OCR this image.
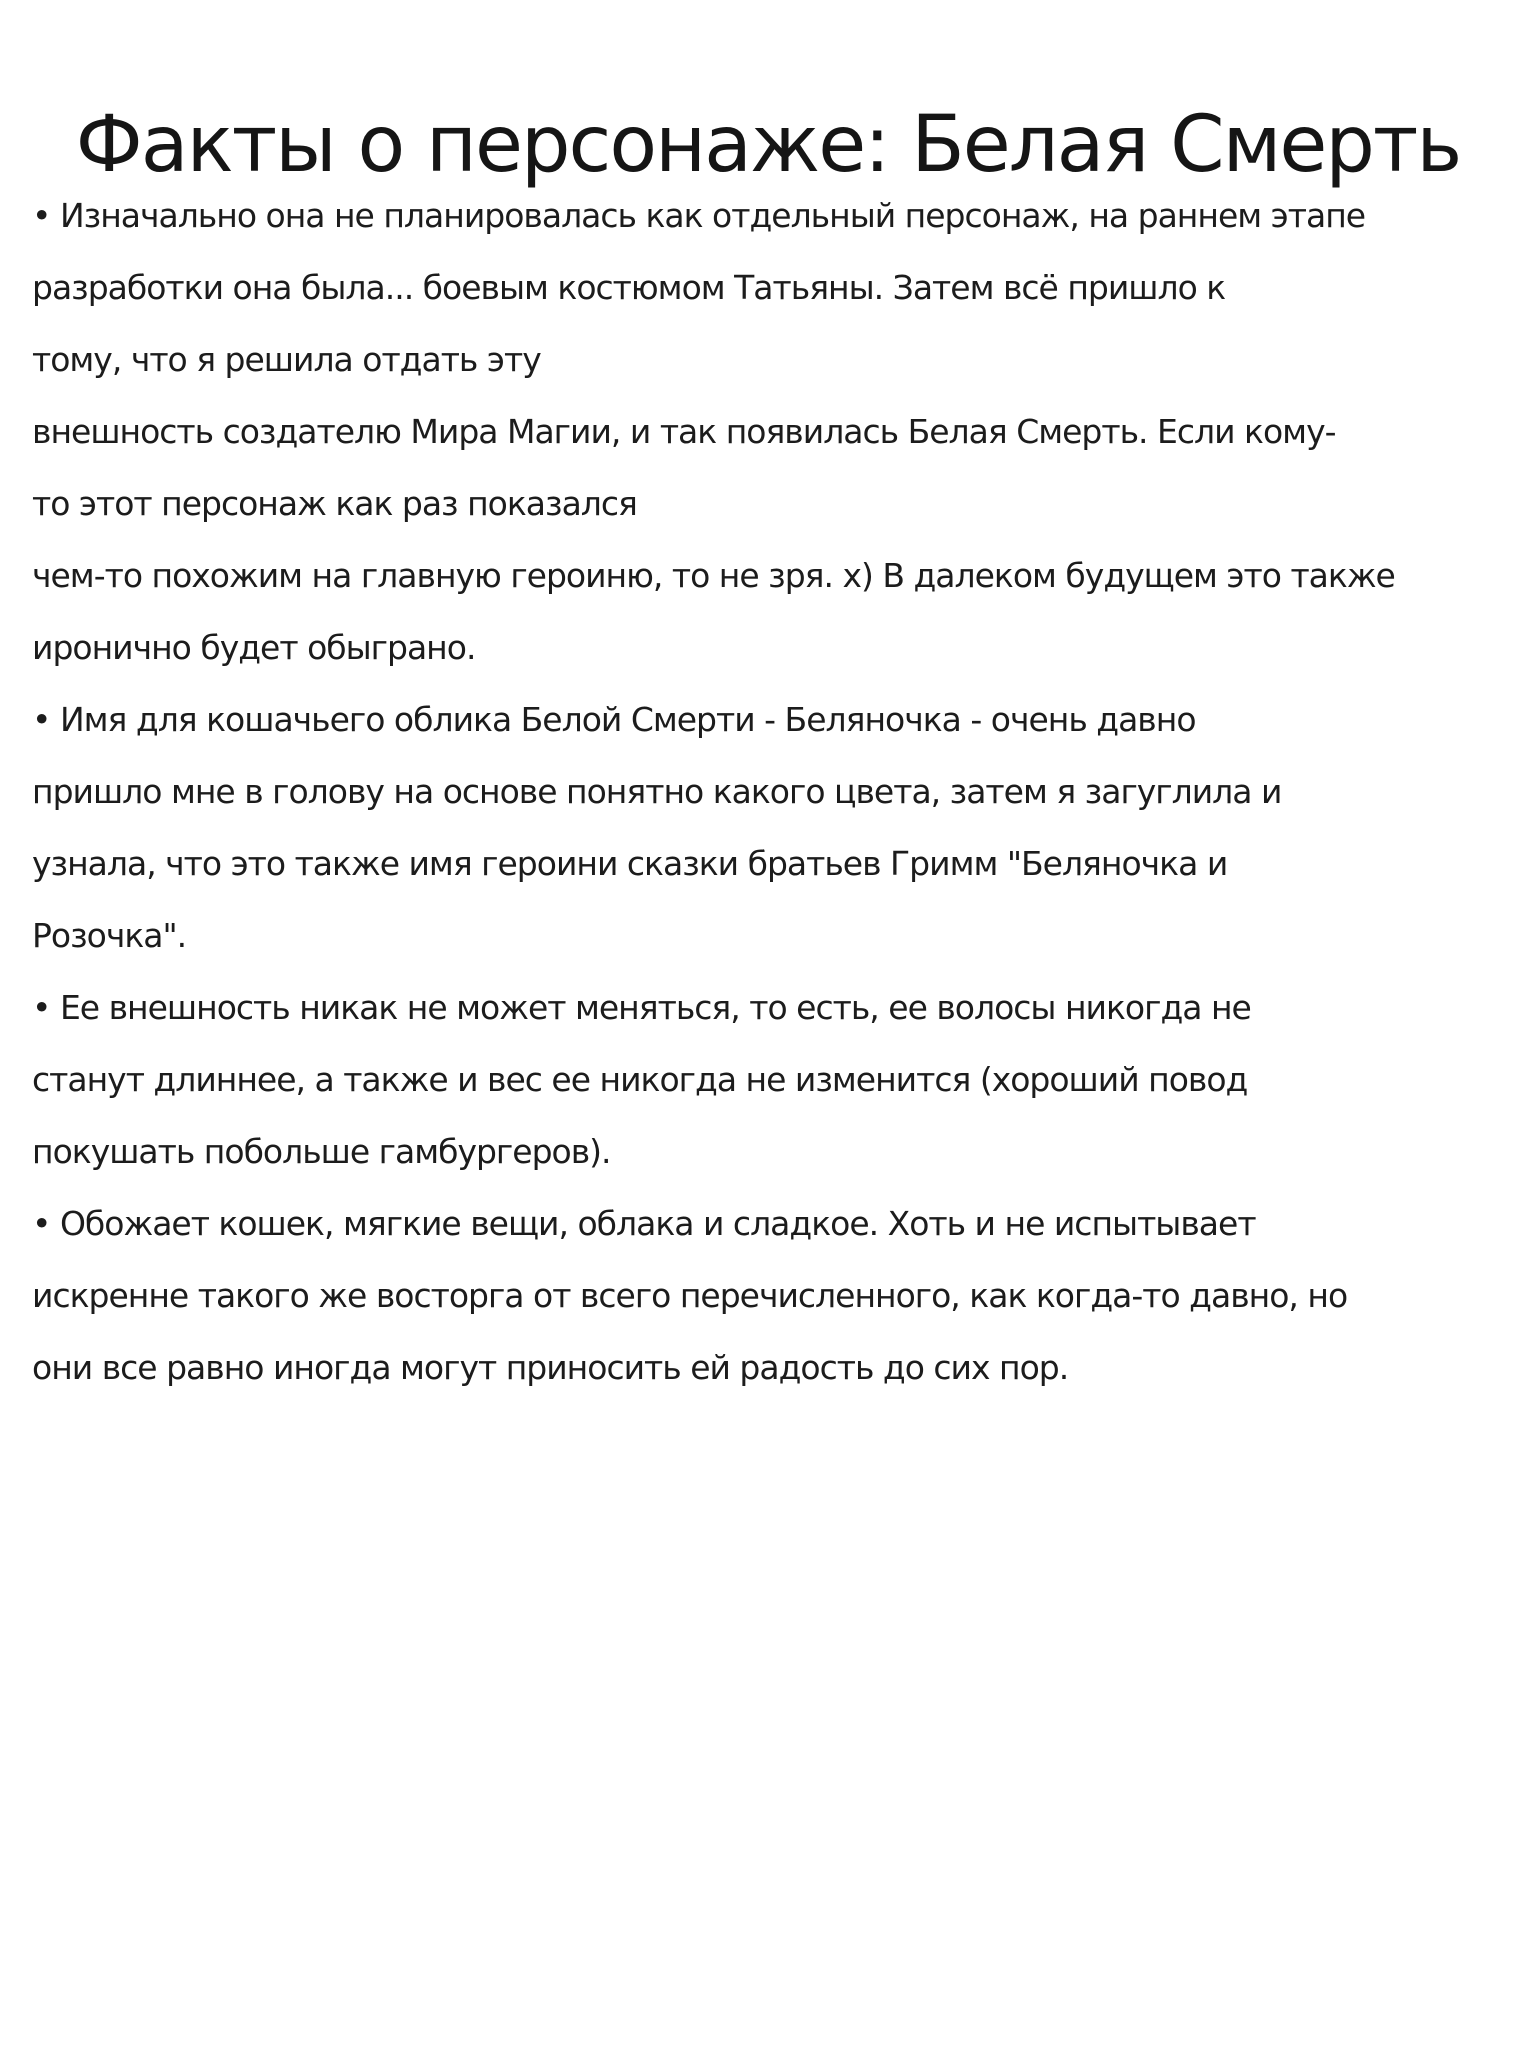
Факты о персонаже: Белая Смерть
• Изначально она не планировалась как отдельный персонаж, на раннем этапе
разработки она была... боевым костюмом Татьяны. Затем всё пришло к
тому, что я решила отдать эту
внешность создателю Мира Магии, и так появилась Белая Смерть. Если кому-
то этот персонаж как раз показался
чем-то похожим на главную героиню, то не зря. x) В далеком будущем это также
иронично будет обыграно.
• Имя для кошачьего облика Белой Смерти - Беляночка - очень давно
пришло мне в голову на основе понятно какого цвета, затем я загуглила и
узнала, что это также имя героини сказки братьев Гримм "Беляночка и
Розочка".
• Ее внешность никак не может меняться, то есть, ее волосы никогда не
станут длиннее, а также и вес ее никогда не изменится (хороший повод
покушать побольше гамбургеров).
• Обожает кошек, мягкие вещи, облака и сладкое. Хоть и не испытывает
искренне такого же восторга от всего перечисленного, как когда-то давно, но
они все равно иногда могут приносить ей радость до сих пор.
